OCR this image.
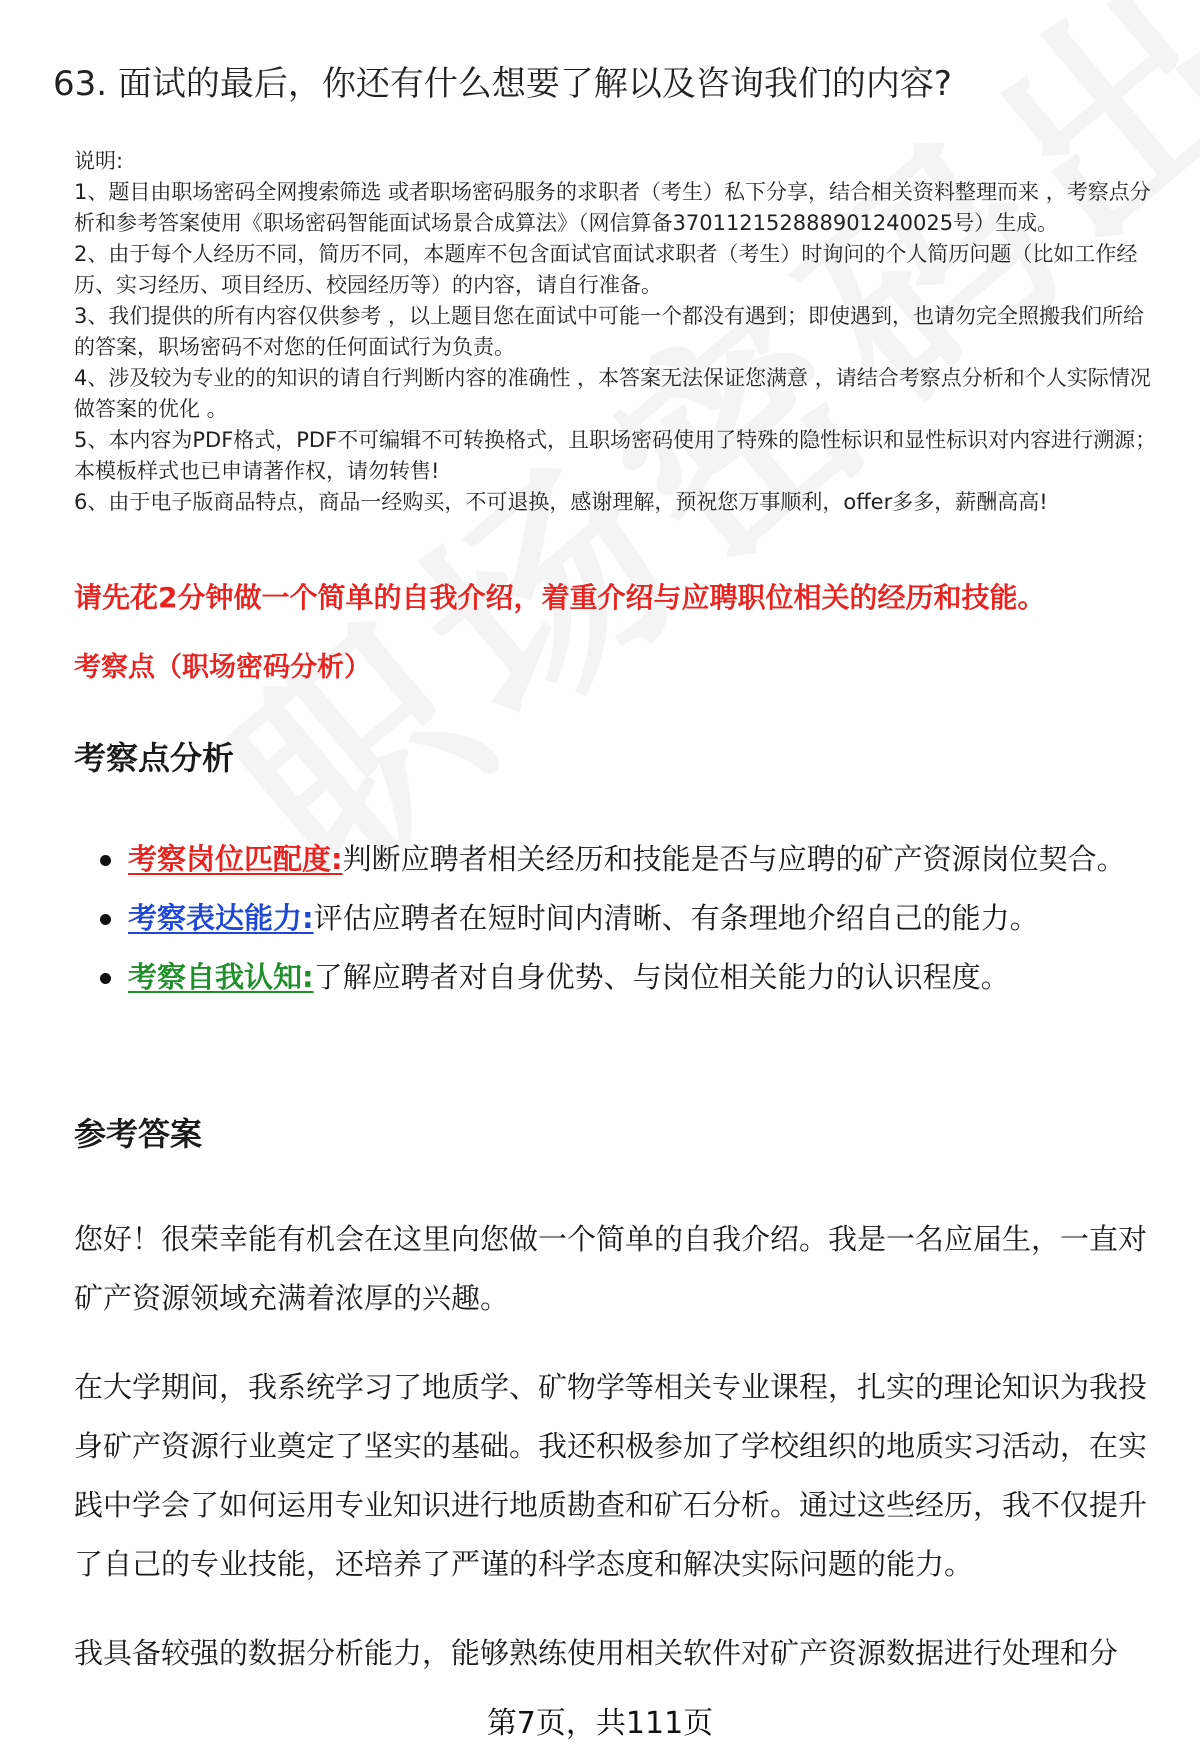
63. 面试的最后，你还有什么想要了解以及咨询我们的内容?

说明:

1、题目由职场密码全网搜索筛选 或者职场密码服务的求职者（考生）私下分享，结合相关资料整理而来 ，考察点分析和参考答案使用《职场密码智能面试场景合成算法》（网信算备370112152888901240025号）生成。

2、由于每个人经历不同，简历不同，本题库不包含面试官面试求职者（考生）时询问的个人简历问题（比如工作经历、实习经历、项目经历、校园经历等）的内容，请自行准备。

3、我们提供的所有内容仅供参考 ，以上题目您在面试中可能一个都没有遇到；即使遇到，也请勿完全照搬我们所给的答案，职场密码不对您的任何面试行为负责。

4、涉及较为专业的的知识的请自行判断内容的准确性 ，本答案无法保证您满意 ，请结合考察点分析和个人实际情况做答案的优化 。

5、本内容为PDF格式，PDF不可编辑不可转换格式，且职场密码使用了特殊的隐性标识和显性标识对内容进行溯源；本模板样式也已申请著作权，请勿转售!

6、由于电子版商品特点，商品一经购买，不可退换，感谢理解，预祝您万事顺利，offer多多，薪酬高高!

请先花2分钟做一个简单的自我介绍，着重介绍与应聘职位相关的经历和技能。
考察点（职场密码分析）
考察点分析
考察岗位匹配度:判断应聘者相关经历和技能是否与应聘的矿产资源岗位契合。
考察表达能力:评估应聘者在短时间内清晰、有条理地介绍自己的能力。
考察自我认知:了解应聘者对自身优势、与岗位相关能力的认识程度。
参考答案

您好！很荣幸能有机会在这里向您做一个简单的自我介绍。我是一名应届生，一直对矿产资源领域充满着浓厚的兴趣。

在大学期间，我系统学习了地质学、矿物学等相关专业课程，扎实的理论知识为我投身矿产资源行业奠定了坚实的基础。我还积极参加了学校组织的地质实习活动，在实践中学会了如何运用专业知识进行地质勘查和矿石分析。通过这些经历，我不仅提升了自己的专业技能，还培养了严谨的科学态度和解决实际问题的能力。

我具备较强的数据分析能力，能够熟练使用相关软件对矿产资源数据进行处理和分

第7页，共111页
